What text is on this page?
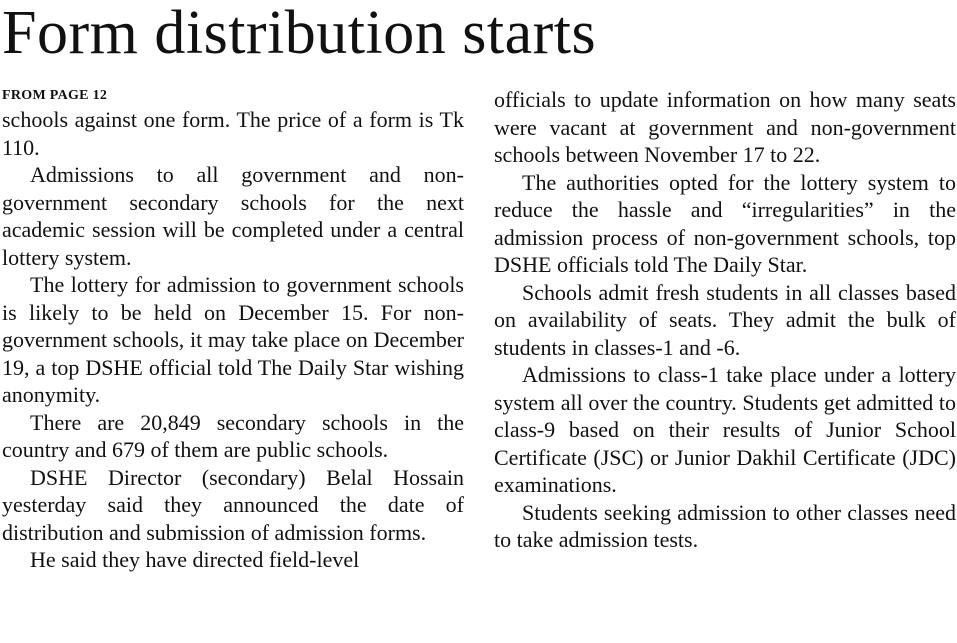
Form distribution starts
FROM PAGE 12

schools against one form. The price of a form is Tk 110.

Admissions to all government and non-government secondary schools for the next academic session will be completed under a central lottery system.

The lottery for admission to government schools is likely to be held on December 15. For non-government schools, it may take place on December 19, a top DSHE official told The Daily Star wishing anonymity.

There are 20,849 secondary schools in the country and 679 of them are public schools.

DSHE Director (secondary) Belal Hossain yesterday said they announced the date of distribution and submission of admission forms.

He said they have directed field-level

officials to update information on how many seats were vacant at government and non-government schools between November 17 to 22.

The authorities opted for the lottery system to reduce the hassle and “irregularities” in the admission process of non-government schools, top DSHE officials told The Daily Star.

Schools admit fresh students in all classes based on availability of seats. They admit the bulk of students in classes-1 and -6.

Admissions to class-1 take place under a lottery system all over the country. Students get admitted to class-9 based on their results of Junior School Certificate (JSC) or Junior Dakhil Certificate (JDC) examinations.

Students seeking admission to other classes need to take admission tests.
